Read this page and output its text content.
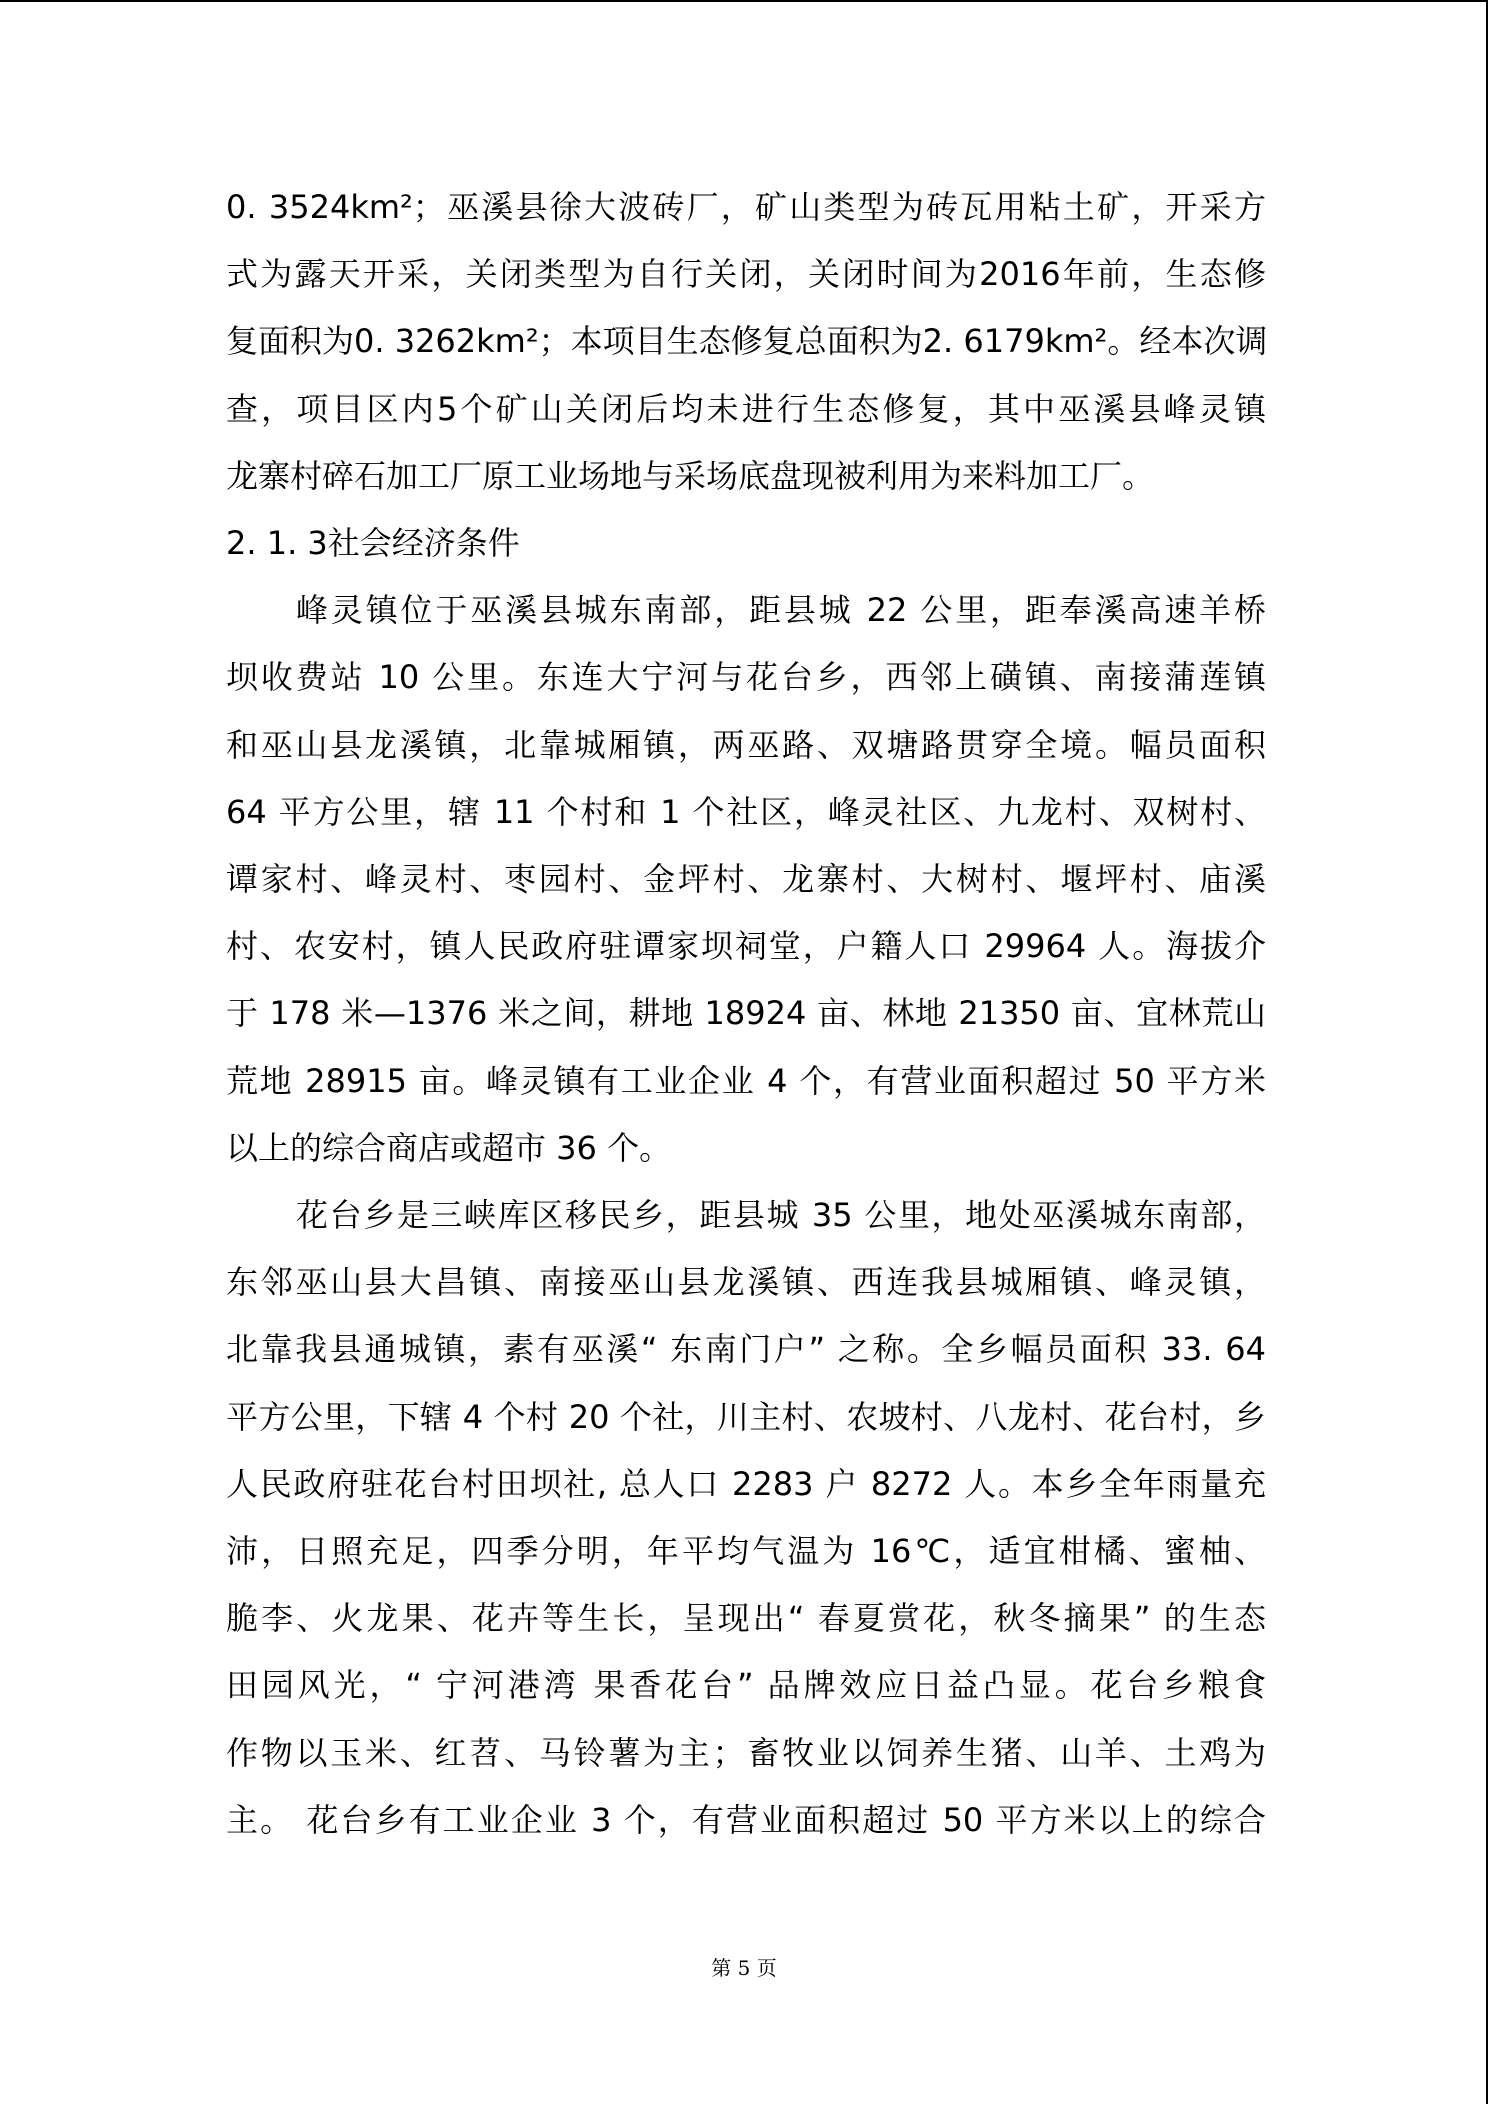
0. 3524km²；巫溪县徐大波砖厂，矿山类型为砖瓦用粘土矿，开采方
式为露天开采，关闭类型为自行关闭，关闭时间为2016年前，生态修
复面积为0. 3262km²；本项目生态修复总面积为2. 6179km²。经本次调
查，项目区内5个矿山关闭后均未进行生态修复，其中巫溪县峰灵镇
龙寨村碎石加工厂原工业场地与采场底盘现被利用为来料加工厂。
2. 1. 3社会经济条件
峰灵镇位于巫溪县城东南部，距县城 22 公里，距奉溪高速羊桥
坝收费站 10 公里。东连大宁河与花台乡，西邻上磺镇、南接蒲莲镇
和巫山县龙溪镇，北靠城厢镇，两巫路、双塘路贯穿全境。幅员面积
64 平方公里，辖 11 个村和 1 个社区，峰灵社区、九龙村、双树村、
谭家村、峰灵村、枣园村、金坪村、龙寨村、大树村、堰坪村、庙溪
村、农安村，镇人民政府驻谭家坝祠堂，户籍人口 29964 人。海拔介
于 178 米—1376 米之间，耕地 18924 亩、林地 21350 亩、宜林荒山
荒地 28915 亩。峰灵镇有工业企业 4 个，有营业面积超过 50 平方米
以上的综合商店或超市 36 个。
花台乡是三峡库区移民乡，距县城 35 公里，地处巫溪城东南部，
东邻巫山县大昌镇、南接巫山县龙溪镇、西连我县城厢镇、峰灵镇，
北靠我县通城镇，素有巫溪“ 东南门户” 之称。全乡幅员面积 33. 64
平方公里，下辖 4 个村 20 个社，川主村、农坡村、八龙村、花台村，乡
人民政府驻花台村田坝社, 总人口 2283 户 8272 人。本乡全年雨量充
沛，日照充足，四季分明，年平均气温为 16℃，适宜柑橘、蜜柚、
脆李、火龙果、花卉等生长，呈现出“ 春夏赏花，秋冬摘果” 的生态
田园风光，“ 宁河港湾 果香花台” 品牌效应日益凸显。花台乡粮食
作物以玉米、红苕、马铃薯为主；畜牧业以饲养生猪、山羊、土鸡为
主。 花台乡有工业企业 3 个，有营业面积超过 50 平方米以上的综合
第 5 页
